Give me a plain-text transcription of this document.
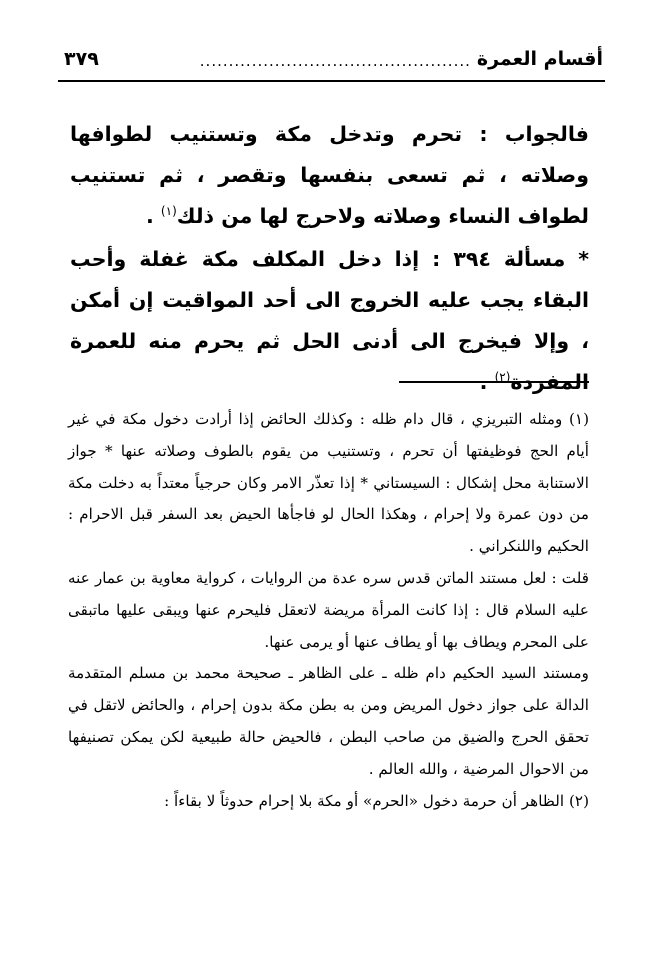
أقسام العمرة
...............................................
٣٧٩

فالجواب : تحرم وتدخل مكة وتستنيب لطوافها وصلاته ، ثم تسعى بنفسها وتقصر ، ثم تستنيب لطواف النساء وصلاته ولاحرج لها من ذلك$^{(١)}$ .

* مسألة ٣٩٤ : إذا دخل المكلف مكة غفلة وأحب البقاء يجب عليه الخروج الى أحد المواقيت إن أمكن ، وإلا فيخرج الى أدنى الحل ثم يحرم منه للعمرة المفردة$^{(٢)}$ .

(١) ومثله التبريزي ، قال دام ظله : وكذلك الحائض إذا أرادت دخول مكة في غير أيام الحج فوظيفتها أن تحرم ، وتستنيب من يقوم بالطوف وصلاته عنها * جواز الاستنابة محل إشكال : السيستاني * إذا تعذّر الامر وكان حرجياً معتداً به دخلت مكة من دون عمرة ولا إحرام ، وهكذا الحال لو فاجأها الحيض بعد السفر قبل الاحرام : الحكيم واللنكراني .

قلت : لعل مستند الماتن قدس سره عدة من الروايات ، كرواية معاوية بن عمار عنه عليه السلام قال : إذا كانت المرأة مريضة لاتعقل فليحرم عنها ويبقى عليها ماتبقى على المحرم ويطاف بها أو يطاف عنها أو يرمى عنها.

ومستند السيد الحكيم دام ظله ـ على الظاهر ـ صحيحة محمد بن مسلم المتقدمة الدالة على جواز دخول المريض ومن به بطن مكة بدون إحرام ، والحائض لاتقل في تحقق الحرج والضيق من صاحب البطن ، فالحيض حالة طبيعية لكن يمكن تصنيفها من الاحوال المرضية ، والله العالم .

(٢) الظاهر أن حرمة دخول «الحرم» أو مكة بلا إحرام حدوثاً لا بقاءاً :
